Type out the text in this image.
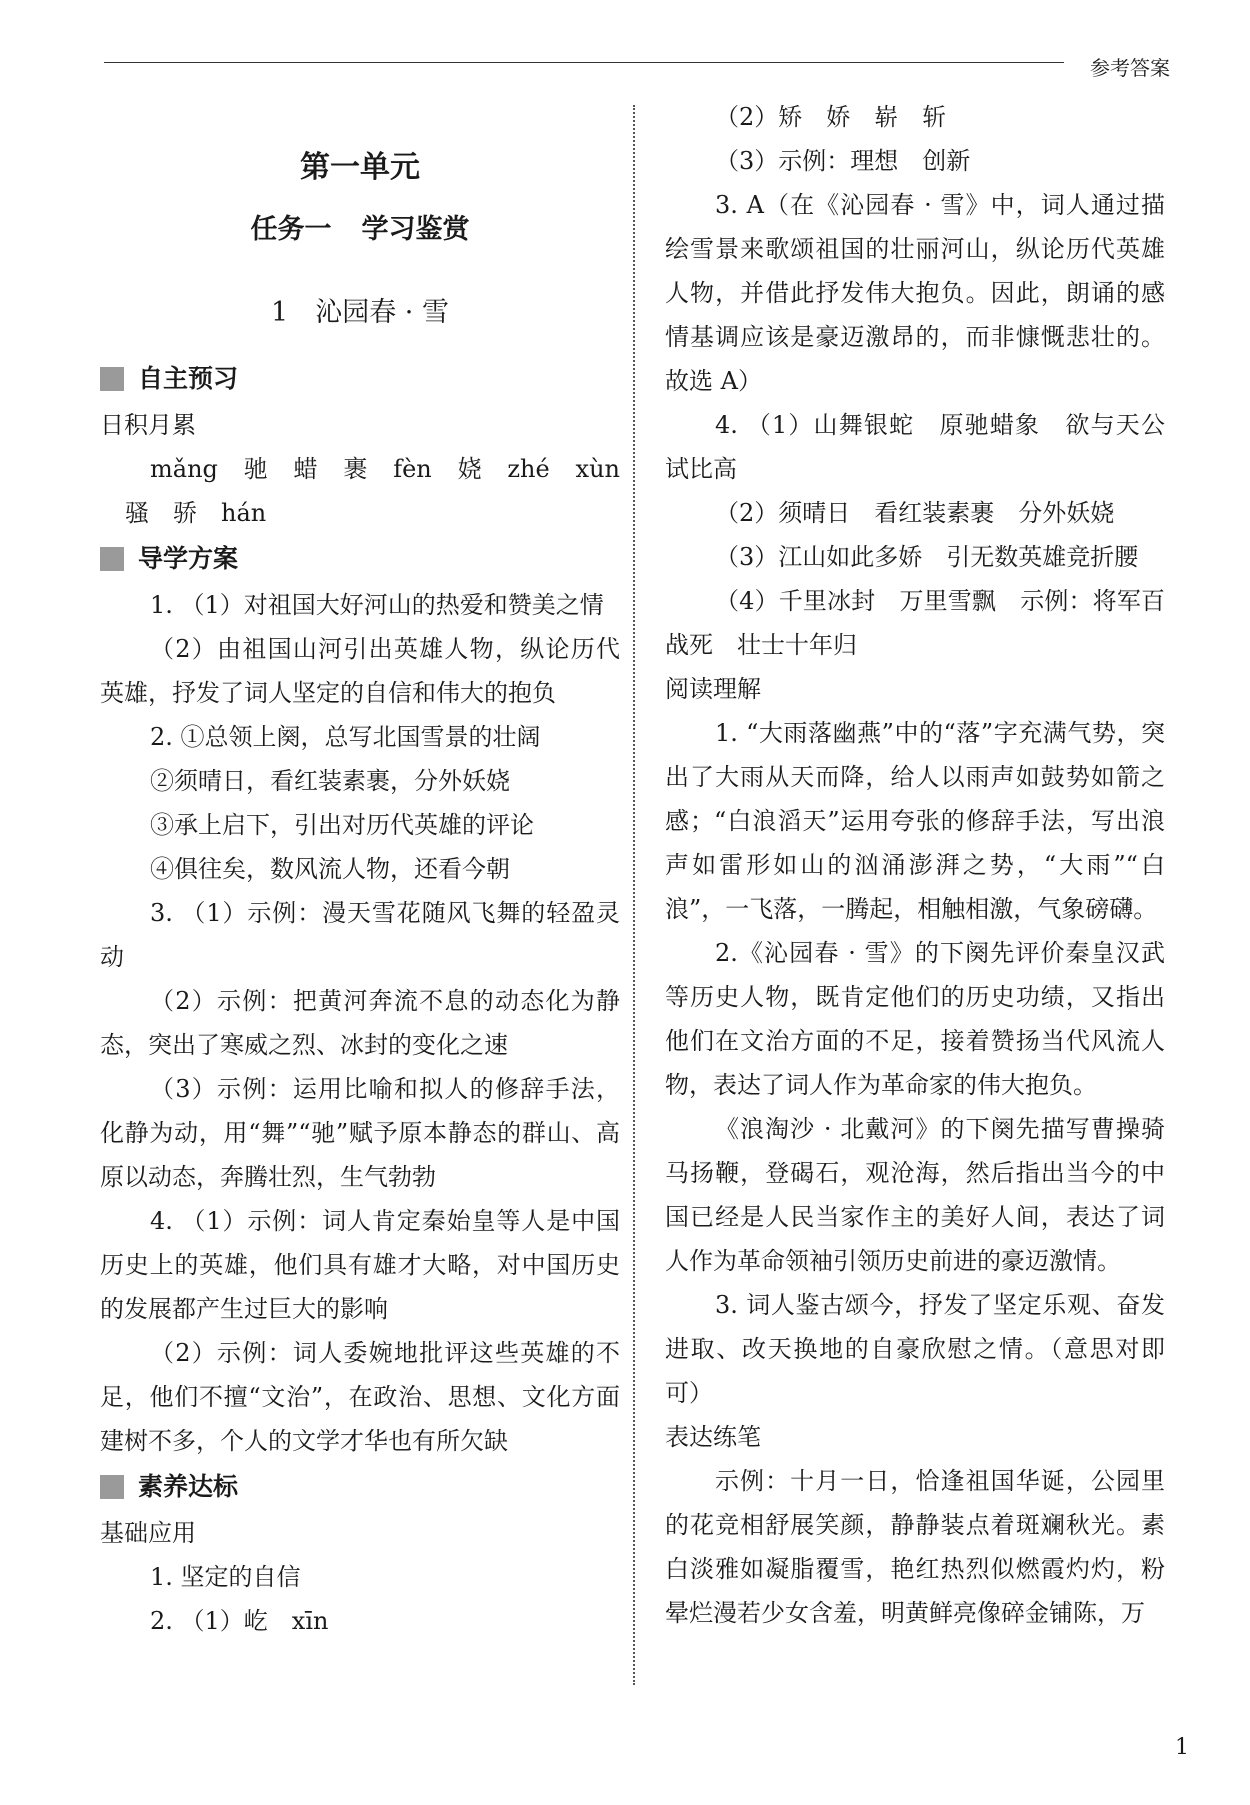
参考答案
第一单元
任务一 学习鉴赏
1　沁园春 · 雪
自主预习
日积月累
mǎng 驰 蜡 裹 fèn 娆 zhé xùn
骚　骄　hán
导学方案
1. （1）对祖国大好河山的热爱和赞美之情
（2）由祖国山河引出英雄人物，纵论历代英雄，抒发了词人坚定的自信和伟大的抱负
2. ①总领上阕，总写北国雪景的壮阔
②须晴日，看红装素裹，分外妖娆
③承上启下，引出对历代英雄的评论
④俱往矣，数风流人物，还看今朝
3. （1）示例：漫天雪花随风飞舞的轻盈灵动
（2）示例：把黄河奔流不息的动态化为静态，突出了寒威之烈、冰封的变化之速
（3）示例：运用比喻和拟人的修辞手法，化静为动，用“舞”“驰”赋予原本静态的群山、高原以动态，奔腾壮烈，生气勃勃
4. （1）示例：词人肯定秦始皇等人是中国历史上的英雄，他们具有雄才大略，对中国历史的发展都产生过巨大的影响
（2）示例：词人委婉地批评这些英雄的不足，他们不擅“文治”，在政治、思想、文化方面建树不多，个人的文学才华也有所欠缺
素养达标
基础应用
1. 坚定的自信
2. （1）屹　xīn
（2）矫　娇　崭　斩
（3）示例：理想　创新
3. A（在《沁园春 · 雪》中，词人通过描绘雪景来歌颂祖国的壮丽河山，纵论历代英雄人物，并借此抒发伟大抱负。因此，朗诵的感情基调应该是豪迈激昂的，而非慷慨悲壮的。故选 A）
4. （1）山舞银蛇　原驰蜡象　欲与天公试比高
（2）须晴日　看红装素裹　分外妖娆
（3）江山如此多娇　引无数英雄竞折腰
（4）千里冰封　万里雪飘　示例：将军百战死　壮士十年归
阅读理解
1. “大雨落幽燕”中的“落”字充满气势，突出了大雨从天而降，给人以雨声如鼓势如箭之感；“白浪滔天”运用夸张的修辞手法，写出浪声如雷形如山的汹涌澎湃之势，“大雨”“白浪”，一飞落，一腾起，相触相激，气象磅礴。
2.《沁园春 · 雪》的下阕先评价秦皇汉武等历史人物，既肯定他们的历史功绩，又指出他们在文治方面的不足，接着赞扬当代风流人物，表达了词人作为革命家的伟大抱负。
《浪淘沙 · 北戴河》的下阕先描写曹操骑马扬鞭，登碣石，观沧海，然后指出当今的中国已经是人民当家作主的美好人间，表达了词人作为革命领袖引领历史前进的豪迈激情。
3. 词人鉴古颂今，抒发了坚定乐观、奋发进取、改天换地的自豪欣慰之情。（意思对即可）
表达练笔
示例：十月一日，恰逢祖国华诞，公园里的花竞相舒展笑颜，静静装点着斑斓秋光。素白淡雅如凝脂覆雪，艳红热烈似燃霞灼灼，粉晕烂漫若少女含羞，明黄鲜亮像碎金铺陈，万
1
